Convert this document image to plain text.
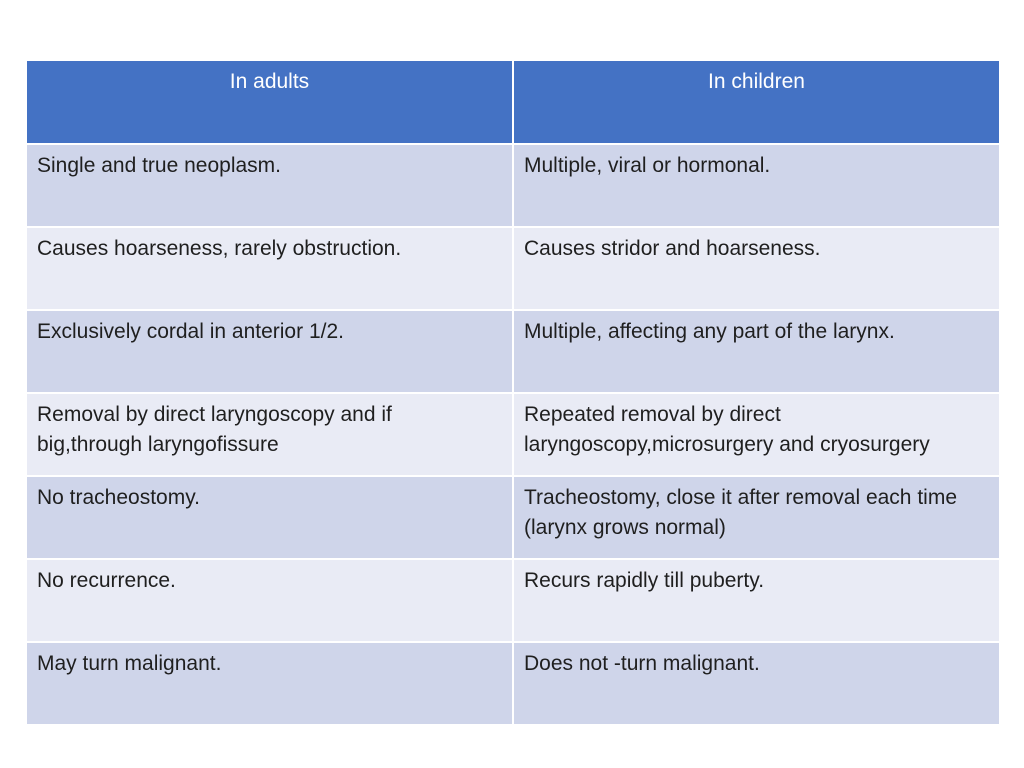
In adults	In children
Single and true neoplasm.	Multiple, viral or hormonal.
Causes hoarseness, rarely obstruction.	Causes stridor and hoarseness.
Exclusively cordal in anterior 1/2.	Multiple, affecting any part of the larynx.
Removal by direct laryngoscopy and if big,through laryngofissure	Repeated removal by direct laryngoscopy,microsurgery and cryosurgery
No tracheostomy.	Tracheostomy, close it after removal each time (larynx grows normal)
No recurrence.	Recurs rapidly till puberty.
May turn malignant.	Does not -turn malignant.
